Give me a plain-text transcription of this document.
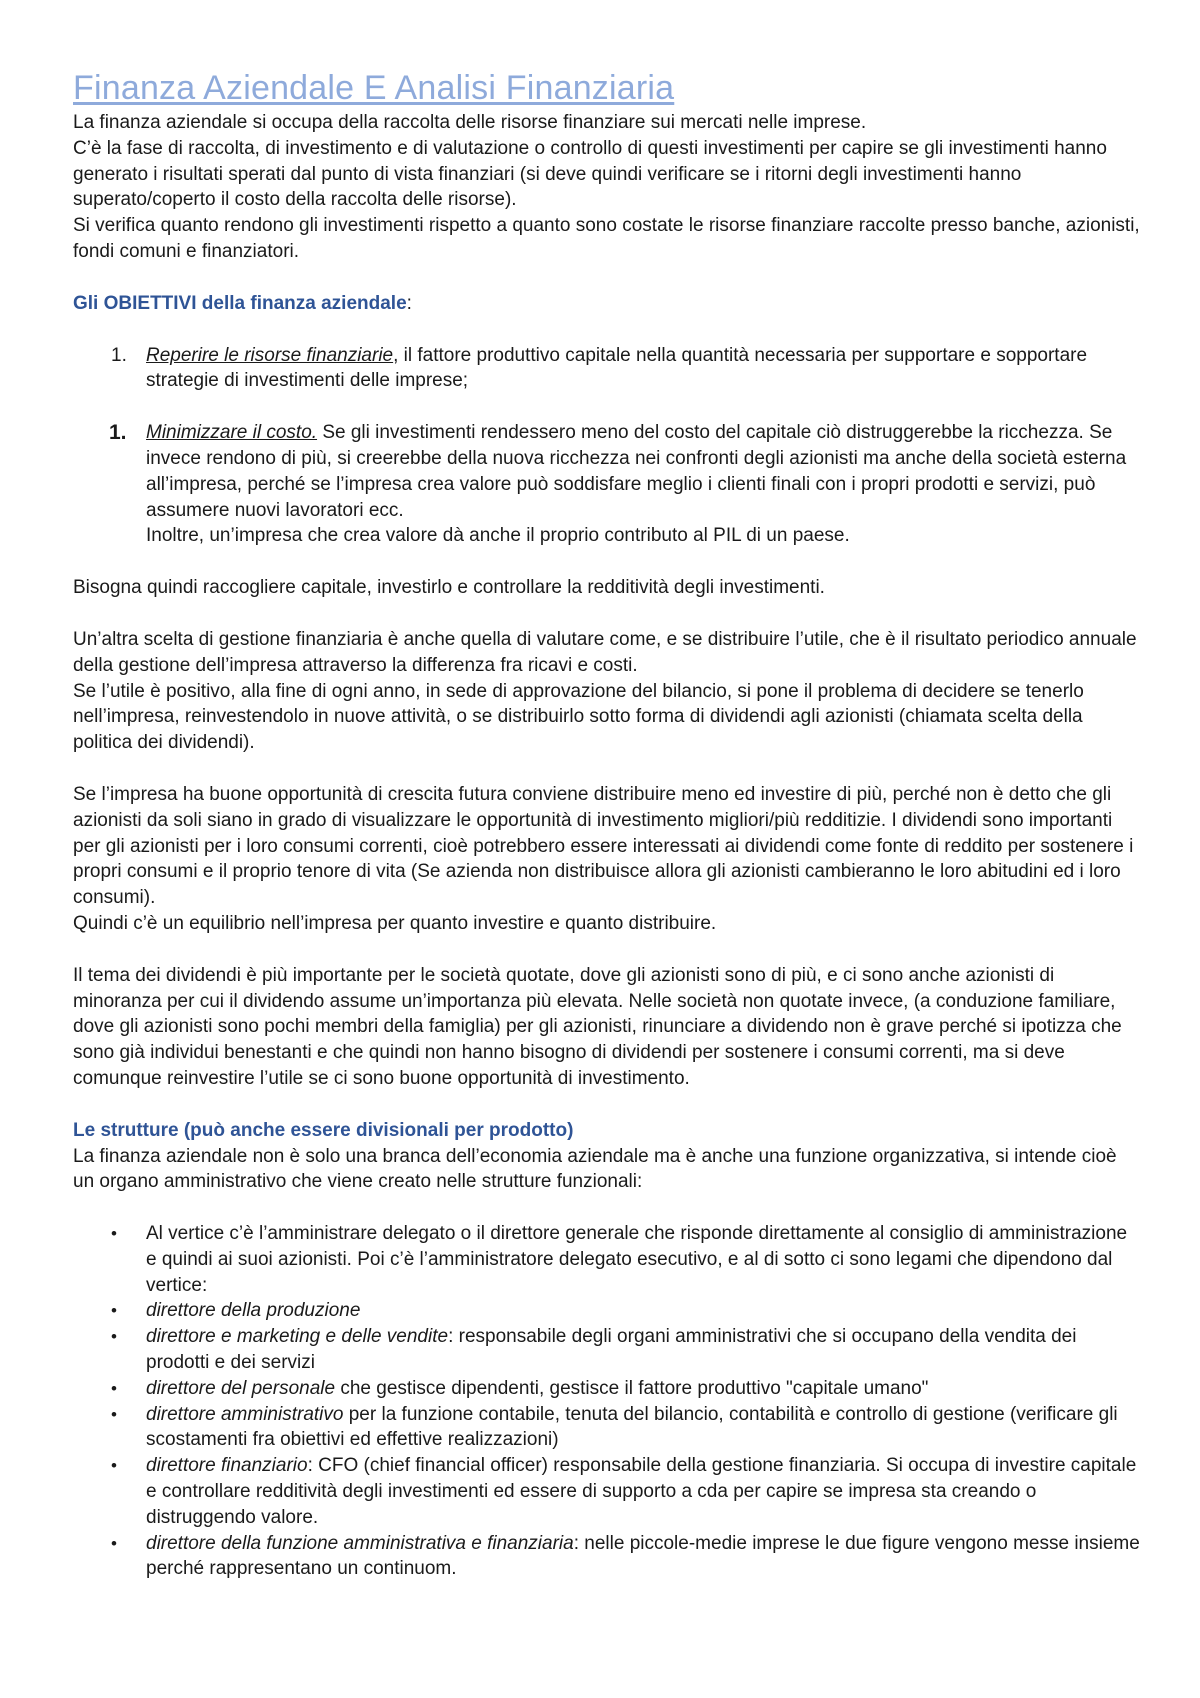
Finanza Aziendale E Analisi Finanziaria

La finanza aziendale si occupa della raccolta delle risorse finanziare sui mercati nelle imprese.

C’è la fase di raccolta, di investimento e di valutazione o controllo di questi investimenti per capire se gli investimenti hanno generato i risultati sperati dal punto di vista finanziari (si deve quindi verificare se i ritorni degli investimenti hanno superato/coperto il costo della raccolta delle risorse).

Si verifica quanto rendono gli investimenti rispetto a quanto sono costate le risorse finanziare raccolte presso banche, azionisti, fondi comuni e finanziatori.

Gli OBIETTIVI della finanza aziendale:
1. Reperire le risorse finanziarie, il fattore produttivo capitale nella quantità necessaria per supportare e sopportare strategie di investimenti delle imprese;
1. Minimizzare il costo. Se gli investimenti rendessero meno del costo del capitale ciò distruggerebbe la ricchezza. Se invece rendono di più, si creerebbe della nuova ricchezza nei confronti degli azionisti ma anche della società esterna all’impresa, perché se l’impresa crea valore può soddisfare meglio i clienti finali con i propri prodotti e servizi, può assumere nuovi lavoratori ecc.
Inoltre, un’impresa che crea valore dà anche il proprio contributo al PIL di un paese.

Bisogna quindi raccogliere capitale, investirlo e controllare la redditività degli investimenti.

Un’altra scelta di gestione finanziaria è anche quella di valutare come, e se distribuire l’utile, che è il risultato periodico annuale della gestione dell’impresa attraverso la differenza fra ricavi e costi.

Se l’utile è positivo, alla fine di ogni anno, in sede di approvazione del bilancio, si pone il problema di decidere se tenerlo nell’impresa, reinvestendolo in nuove attività, o se distribuirlo sotto forma di dividendi agli azionisti (chiamata scelta della politica dei dividendi).

Se l’impresa ha buone opportunità di crescita futura conviene distribuire meno ed investire di più, perché non è detto che gli azionisti da soli siano in grado di visualizzare le opportunità di investimento migliori/più redditizie. I dividendi sono importanti per gli azionisti per i loro consumi correnti, cioè potrebbero essere interessati ai dividendi come fonte di reddito per sostenere i propri consumi e il proprio tenore di vita (Se azienda non distribuisce allora gli azionisti cambieranno le loro abitudini ed i loro consumi).

Quindi c’è un equilibrio nell’impresa per quanto investire e quanto distribuire.

Il tema dei dividendi è più importante per le società quotate, dove gli azionisti sono di più, e ci sono anche azionisti di minoranza per cui il dividendo assume un’importanza più elevata. Nelle società non quotate invece, (a conduzione familiare, dove gli azionisti sono pochi membri della famiglia) per gli azionisti, rinunciare a dividendo non è grave perché si ipotizza che sono già individui benestanti e che quindi non hanno bisogno di dividendi per sostenere i consumi correnti, ma si deve comunque reinvestire l’utile se ci sono buone opportunità di investimento.

Le strutture (può anche essere divisionali per prodotto)

La finanza aziendale non è solo una branca dell’economia aziendale ma è anche una funzione organizzativa, si intende cioè un organo amministrativo che viene creato nelle strutture funzionali:

• Al vertice c’è l’amministrare delegato o il direttore generale che risponde direttamente al consiglio di amministrazione e quindi ai suoi azionisti. Poi c’è l’amministratore delegato esecutivo, e al di sotto ci sono legami che dipendono dal vertice:
• direttore della produzione
• direttore e marketing e delle vendite: responsabile degli organi amministrativi che si occupano della vendita dei prodotti e dei servizi
• direttore del personale che gestisce dipendenti, gestisce il fattore produttivo "capitale umano"
• direttore amministrativo per la funzione contabile, tenuta del bilancio, contabilità e controllo di gestione (verificare gli scostamenti fra obiettivi ed effettive realizzazioni)
• direttore finanziario: CFO (chief financial officer) responsabile della gestione finanziaria. Si occupa di investire capitale e controllare redditività degli investimenti ed essere di supporto a cda per capire se impresa sta creando o distruggendo valore.
• direttore della funzione amministrativa e finanziaria: nelle piccole-medie imprese le due figure vengono messe insieme perché rappresentano un continuom.
